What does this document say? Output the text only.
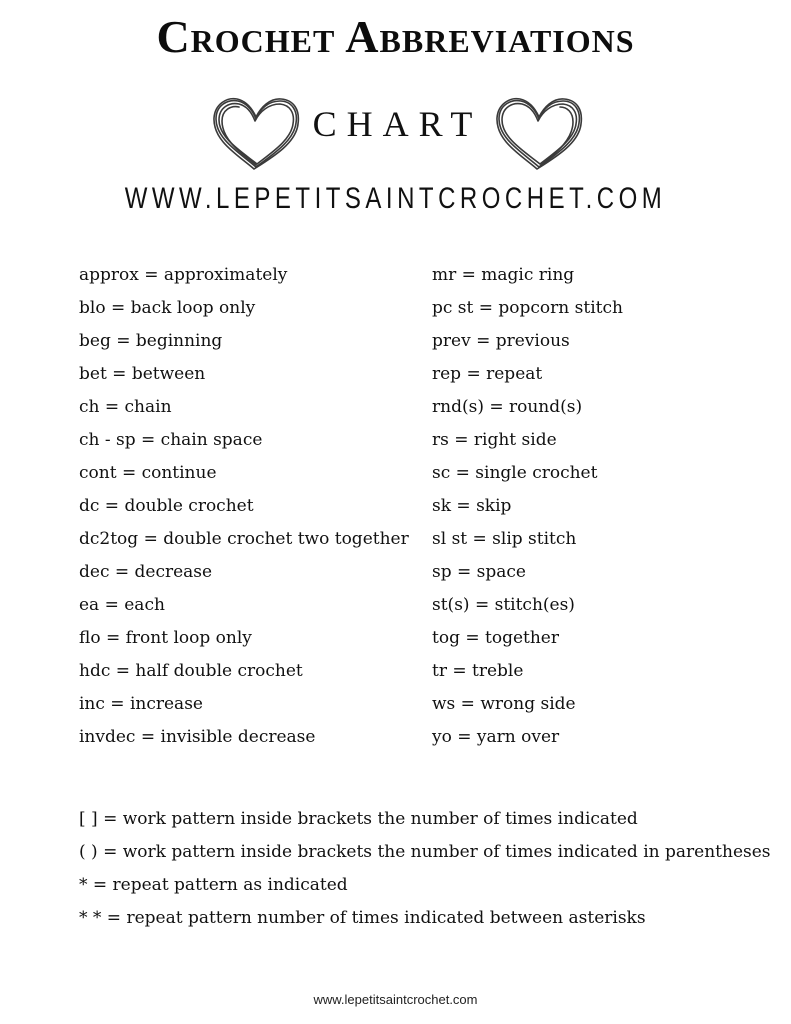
Crochet Abbreviations
CHART
WWW.LEPETITSAINTCROCHET.COM
approx = approximately
blo = back loop only
beg = beginning
bet = between
ch = chain
ch - sp = chain space
cont = continue
dc = double crochet
dc2tog = double crochet two together
dec = decrease
ea = each
flo = front loop only
hdc = half double crochet
inc = increase
invdec = invisible decrease
mr = magic ring
pc st = popcorn stitch
prev = previous
rep = repeat
rnd(s) = round(s)
rs = right side
sc = single crochet
sk = skip
sl st = slip stitch
sp = space
st(s) = stitch(es)
tog = together
tr = treble
ws = wrong side
yo = yarn over
[ ] = work pattern inside brackets the number of times indicated
( ) = work pattern inside brackets the number of times indicated in parentheses
* = repeat pattern as indicated
* * = repeat pattern number of times indicated between asterisks
www.lepetitsaintcrochet.com
